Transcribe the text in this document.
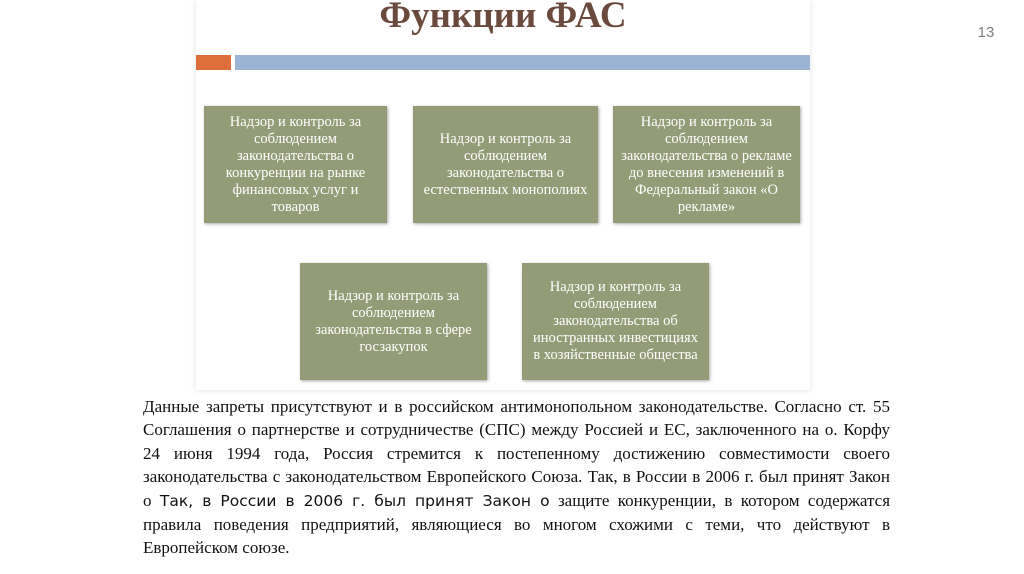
Функции ФАС	13
Надзор и контроль за соблюдением законодательства о конкуренции на рынке финансовых услуг и товаров
Надзор и контроль за соблюдением законодательства о естественных монополиях
Надзор и контроль за соблюдением законодательства о рекламе до внесения изменений в Федеральный закон «О рекламе»
Надзор и контроль за соблюдением законодательства в сфере госзакупок
Надзор и контроль за соблюдением законодательства об иностранных инвестициях в хозяйственные общества
Данные запреты присутствуют и в российском антимонопольном законодательстве. Согласно ст. 55 Соглашения о партнерстве и сотрудничестве (СПС) между Россией и ЕС, заключенного на о. Корфу 24 июня 1994 года, Россия стремится к постепенному достижению совместимости своего законодательства с законодательством Европейского Союза. Так, в России в 2006 г. был принят Закон о Так, в России в 2006 г. был принят Закон о защите конкуренции, в котором содержатся правила поведения предприятий, являющиеся во многом схожими с теми, что действуют в Европейском союзе.
